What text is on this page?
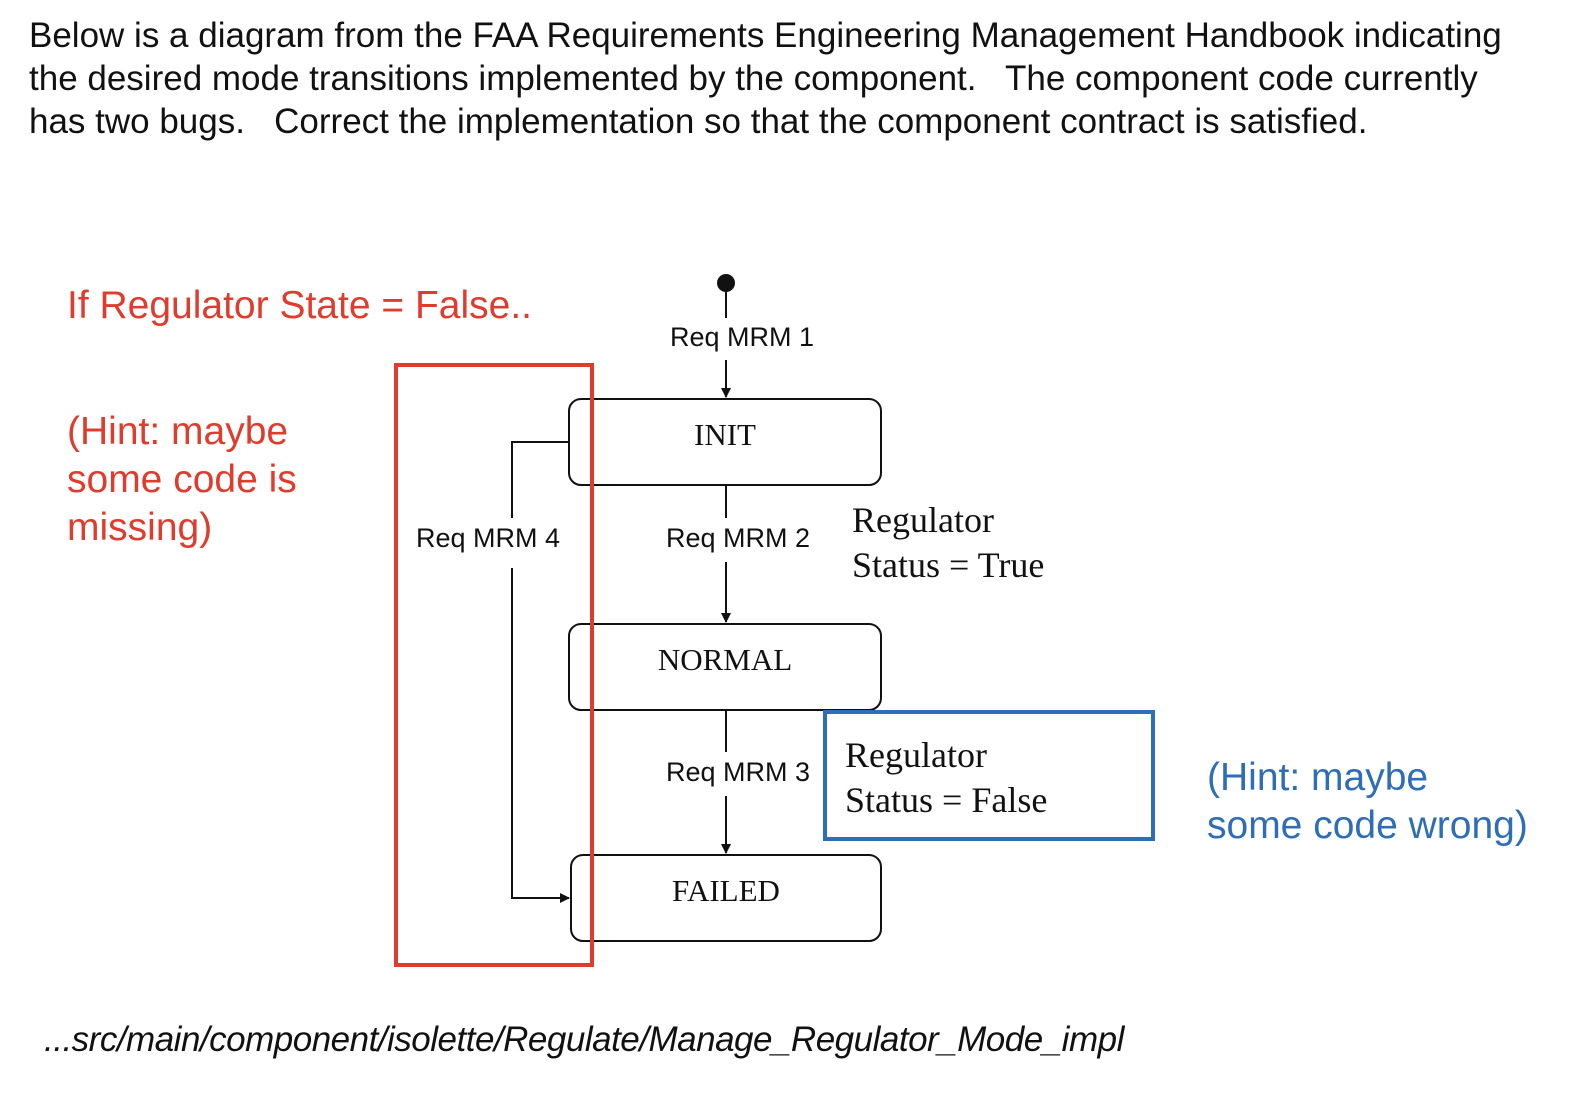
Below is a diagram from the FAA Requirements Engineering Management Handbook indicating
the desired mode transitions implemented by the component.   The component code currently
has two bugs.   Correct the implementation so that the component contract is satisfied.
If Regulator State = False..
(Hint: maybe
some code is
missing)
(Hint: maybe
some code wrong)
Req MRM 1
INIT
Req MRM 2 Regulator
Status = True
NORMAL
Req MRM 3 Regulator
Status = False
FAILED
Req MRM 4
...src/main/component/isolette/Regulate/Manage_Regulator_Mode_impl
